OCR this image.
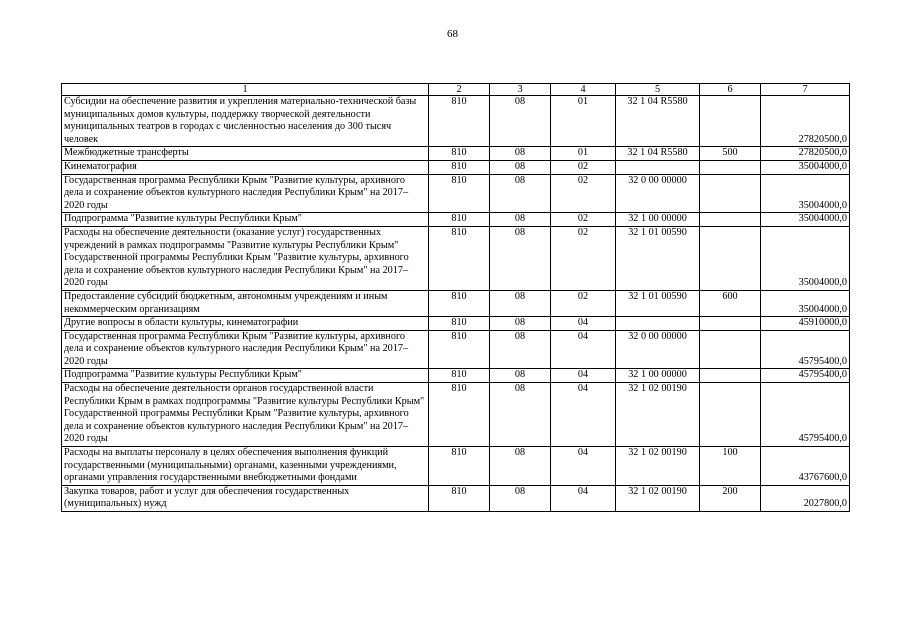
68
1	2	3	4	5	6	7
Субсидии на обеспечение развития и укрепления материально-технической базы муниципальных домов культуры, поддержку творческой деятельности муниципальных театров в городах с численностью населения до 300 тысяч человек	810	08	01	32 1 04 R5580		27820500,0
Межбюджетные трансферты	810	08	01	32 1 04 R5580	500	27820500,0
Кинематография	810	08	02			35004000,0
Государственная программа Республики Крым "Развитие культуры, архивного дела и сохранение объектов культурного наследия Республики Крым" на 2017–2020 годы	810	08	02	32 0 00 00000		35004000,0
Подпрограмма "Развитие культуры Республики Крым"	810	08	02	32 1 00 00000		35004000,0
Расходы на обеспечение деятельности (оказание услуг) государственных учреждений в рамках подпрограммы "Развитие культуры Республики Крым" Государственной программы Республики Крым "Развитие культуры, архивного дела и сохранение объектов культурного наследия Республики Крым" на 2017–2020 годы	810	08	02	32 1 01 00590		35004000,0
Предоставление субсидий бюджетным, автономным учреждениям и иным некоммерческим организациям	810	08	02	32 1 01 00590	600	35004000,0
Другие вопросы в области культуры, кинематографии	810	08	04			45910000,0
Государственная программа Республики Крым "Развитие культуры, архивного дела и сохранение объектов культурного наследия Республики Крым" на 2017–2020 годы	810	08	04	32 0 00 00000		45795400,0
Подпрограмма "Развитие культуры Республики Крым"	810	08	04	32 1 00 00000		45795400,0
Расходы на обеспечение деятельности органов государственной власти Республики Крым в рамках подпрограммы "Развитие культуры Республики Крым" Государственной программы Республики Крым "Развитие культуры, архивного дела и сохранение объектов культурного наследия Республики Крым" на 2017–2020 годы	810	08	04	32 1 02 00190		45795400,0
Расходы на выплаты персоналу в целях обеспечения выполнения функций государственными (муниципальными) органами, казенными учреждениями, органами управления государственными внебюджетными фондами	810	08	04	32 1 02 00190	100	43767600,0
Закупка товаров, работ и услуг для обеспечения государственных (муниципальных) нужд	810	08	04	32 1 02 00190	200	2027800,0
